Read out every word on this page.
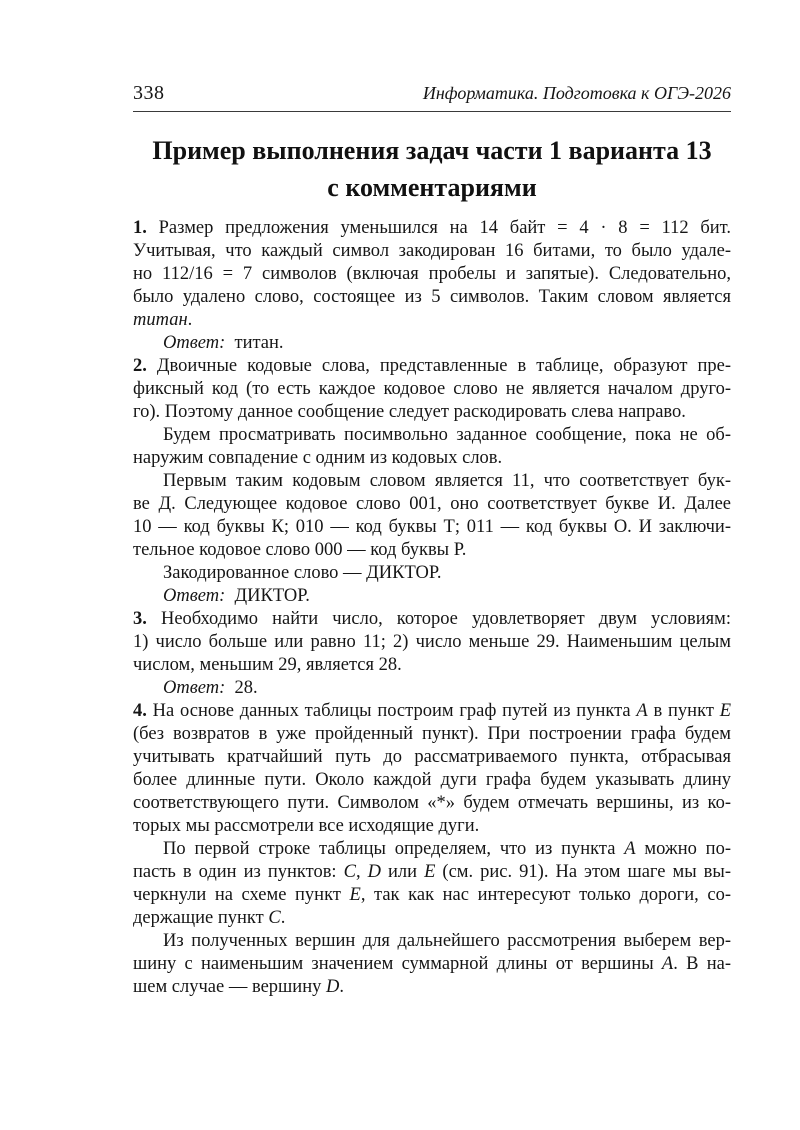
338	Информатика. Подготовка к ОГЭ-2026
Пример выполнения задач части 1 варианта 13
с комментариями
1. Размер предложения уменьшился на 14 байт = 4 · 8 = 112 бит.
Учитывая, что каждый символ закодирован 16 битами, то было удале-
но 112/16 = 7 символов (включая пробелы и запятые). Следовательно,
было удалено слово, состоящее из 5 символов. Таким словом является
титан.
Ответ:  титан.
2. Двоичные кодовые слова, представленные в таблице, образуют пре-
фиксный код (то есть каждое кодовое слово не является началом друго-
го). Поэтому данное сообщение следует раскодировать слева направо.
Будем просматривать посимвольно заданное сообщение, пока не об-
наружим совпадение с одним из кодовых слов.
Первым таким кодовым словом является 11, что соответствует бук-
ве Д. Следующее кодовое слово 001, оно соответствует букве И. Далее
10 — код буквы К; 010 — код буквы Т; 011 — код буквы О. И заключи-
тельное кодовое слово 000 — код буквы Р.
Закодированное слово — ДИКТОР.
Ответ:  ДИКТОР.
3. Необходимо найти число, которое удовлетворяет двум условиям:
1) число больше или равно 11; 2) число меньше 29. Наименьшим целым
числом, меньшим 29, является 28.
Ответ:  28.
4. На основе данных таблицы построим граф путей из пункта A в пункт E
(без возвратов в уже пройденный пункт). При построении графа будем
учитывать кратчайший путь до рассматриваемого пункта, отбрасывая
более длинные пути. Около каждой дуги графа будем указывать длину
соответствующего пути. Символом «*» будем отмечать вершины, из ко-
торых мы рассмотрели все исходящие дуги.
По первой строке таблицы определяем, что из пункта A можно по-
пасть в один из пунктов: C, D или E (см. рис. 91). На этом шаге мы вы-
черкнули на схеме пункт E, так как нас интересуют только дороги, со-
держащие пункт C.
Из полученных вершин для дальнейшего рассмотрения выберем вер-
шину с наименьшим значением суммарной длины от вершины A. В на-
шем случае — вершину D.
